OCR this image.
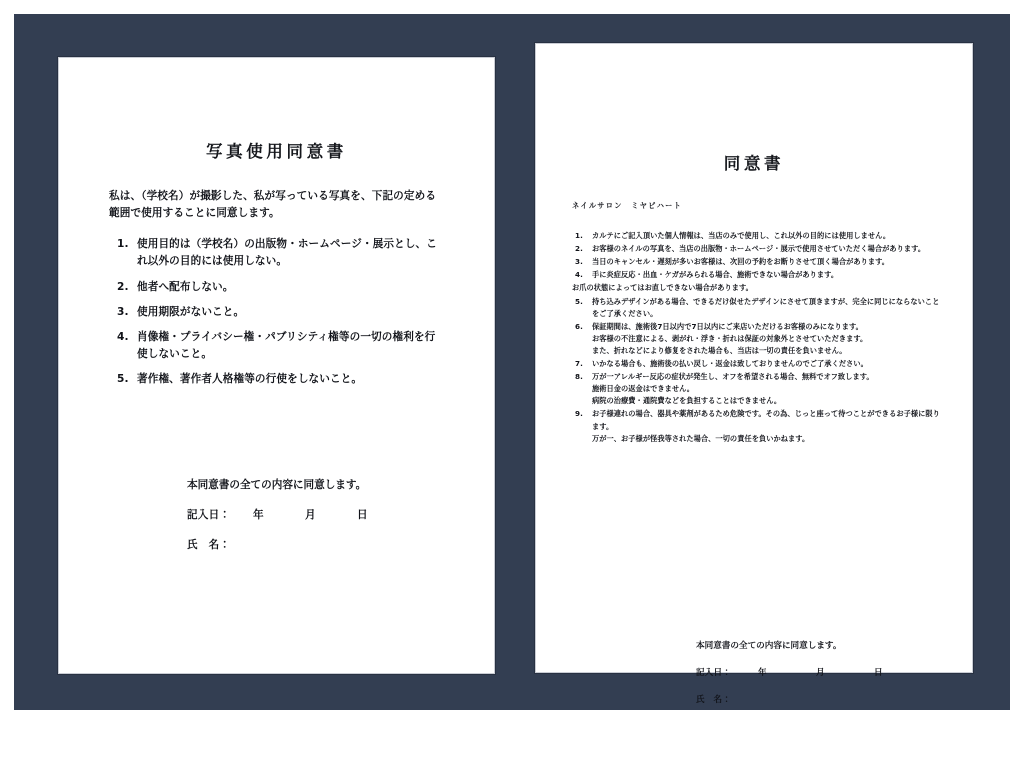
写真使用同意書

私は、（学校名）が撮影した、私が写っている写真を、下記の定める範囲で使用することに同意します。

1. 使用目的は（学校名）の出版物・ホームページ・展示とし、これ以外の目的には使用しない。
2. 他者へ配布しない。
3. 使用期限がないこと。
4. 肖像権・プライバシー権・パブリシティ権等の一切の権利を行使しないこと。
5. 著作権、著作者人格権等の行使をしないこと。
本同意書の全ての内容に同意します。
記入日：	年	月	日
氏　名：
同意書
ネイルサロン　ミヤビハート
1.	カルテにご記入頂いた個人情報は、当店のみで使用し、これ以外の目的には使用しません。
2.	お客様のネイルの写真を、当店の出版物・ホームページ・展示で使用させていただく場合があります。
3.	当日のキャンセル・遅刻が多いお客様は、次回の予約をお断りさせて頂く場合があります。
4.	手に炎症反応・出血・ケガがみられる場合、施術できない場合があります。
お爪の状態によってはお直しできない場合があります。
5.	持ち込みデザインがある場合、できるだけ似せたデザインにさせて頂きますが、完全に同じにならないことをご了承ください。
6.	保証期間は、施術後7日以内で7日以内にご来店いただけるお客様のみになります。
お客様の不注意による、剥がれ・浮き・折れは保証の対象外とさせていただきます。
また、折れなどにより修复をされた場合も、当店は一切の責任を負いません。
7.	いかなる場合も、施術後の払い戻し・返金は致しておりませんのでご了承ください。
8.	万が一アレルギー反応の症状が発生し、オフを希望される場合、無料でオフ致します。
施術日金の返金はできません。
病院の治療費・通院費などを負担することはできません。
9.	お子様連れの場合、器具や薬剤があるため危険です。その為、じっと座って待つことができるお子様に限ります。
万が一、お子様が怪我等された場合、一切の責任を負いかねます。
本同意書の全ての内容に同意します。
記入日：	年	月	日
氏　名：
